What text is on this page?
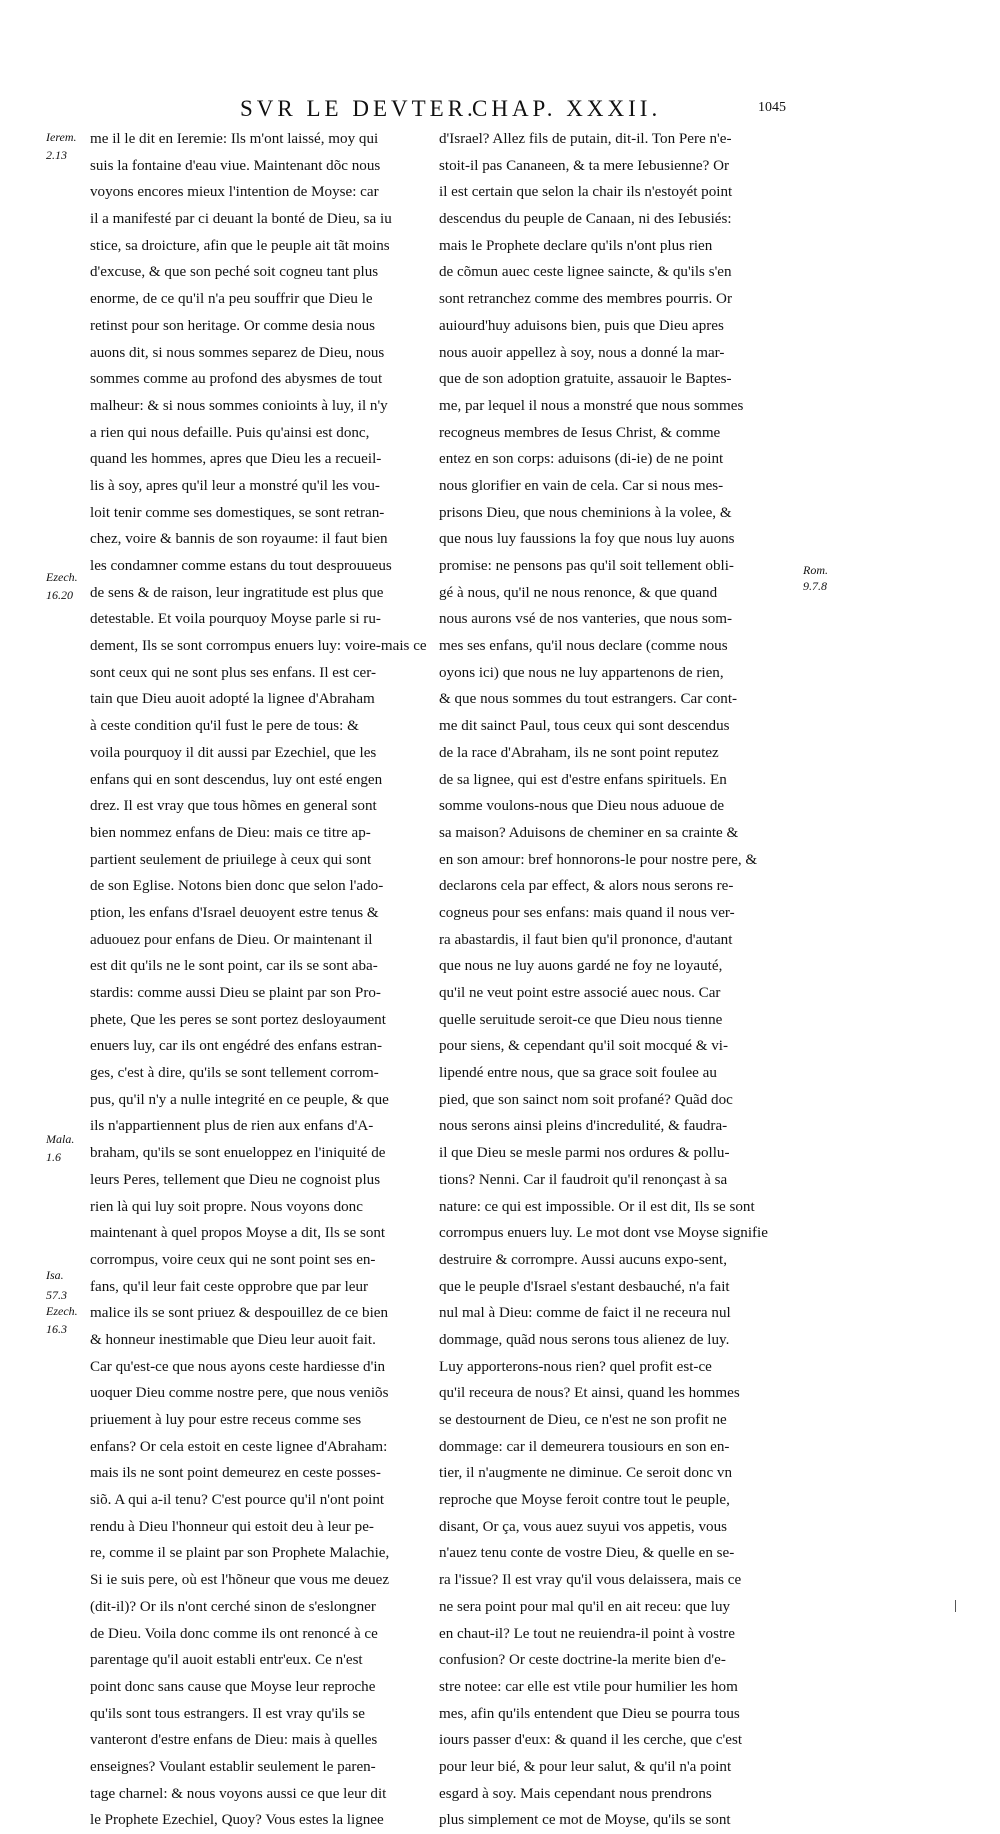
SVR LE DEVTER.
CHAP. XXXII.	1045
Ierem.
2.13
Ezech.
16.20
Mala.
1.6
Isa.
57.3
Ezech.
16.3
Rom.
9.7.8
me il le dit en Ieremie: Ils m'ont laissé, moy qui
suis la fontaine d'eau viue. Maintenant dõc nous
voyons encores mieux l'intention de Moyse: car
il a manifesté par ci deuant la bonté de Dieu, sa iu
stice, sa droicture, afin que le peuple ait tãt moins
d'excuse, & que son peché soit cogneu tant plus
enorme, de ce qu'il n'a peu souffrir que Dieu le
retinst pour son heritage. Or comme desia nous
auons dit, si nous sommes separez de Dieu, nous
sommes comme au profond des abysmes de tout
malheur: & si nous sommes conioints à luy, il n'y
a rien qui nous defaille. Puis qu'ainsi est donc,
quand les hommes, apres que Dieu les a recueil-
lis à soy, apres qu'il leur a monstré qu'il les vou-
loit tenir comme ses domestiques, se sont retran-
chez, voire & bannis de son royaume: il faut bien
les condamner comme estans du tout desprouueus
de sens & de raison, leur ingratitude est plus que
detestable. Et voila pourquoy Moyse parle si ru-
dement, Ils se sont corrompus enuers luy: voire-mais ce
sont ceux qui ne sont plus ses enfans. Il est cer-
tain que Dieu auoit adopté la lignee d'Abraham
à ceste condition qu'il fust le pere de tous: &
voila pourquoy il dit aussi par Ezechiel, que les
enfans qui en sont descendus, luy ont esté engen
drez. Il est vray que tous hõmes en general sont
bien nommez enfans de Dieu: mais ce titre ap-
partient seulement de priuilege à ceux qui sont
de son Eglise. Notons bien donc que selon l'ado-
ption, les enfans d'Israel deuoyent estre tenus &
aduouez pour enfans de Dieu. Or maintenant il
est dit qu'ils ne le sont point, car ils se sont aba-
stardis: comme aussi Dieu se plaint par son Pro-
phete, Que les peres se sont portez desloyaument
enuers luy, car ils ont engédré des enfans estran-
ges, c'est à dire, qu'ils se sont tellement corrom-
pus, qu'il n'y a nulle integrité en ce peuple, & que
ils n'appartiennent plus de rien aux enfans d'A-
braham, qu'ils se sont enueloppez en l'iniquité de
leurs Peres, tellement que Dieu ne cognoist plus
rien là qui luy soit propre. Nous voyons donc
maintenant à quel propos Moyse a dit, Ils se sont
corrompus, voire ceux qui ne sont point ses en-
fans, qu'il leur fait ceste opprobre que par leur
malice ils se sont priuez & despouillez de ce bien
& honneur inestimable que Dieu leur auoit fait.
Car qu'est-ce que nous ayons ceste hardiesse d'in
uoquer Dieu comme nostre pere, que nous veniõs
priuement à luy pour estre receus comme ses
enfans? Or cela estoit en ceste lignee d'Abraham:
mais ils ne sont point demeurez en ceste posses-
siõ. A qui a-il tenu? C'est pource qu'il n'ont point
rendu à Dieu l'honneur qui estoit deu à leur pe-
re, comme il se plaint par son Prophete Malachie,
Si ie suis pere, où est l'hõneur que vous me deuez
(dit-il)? Or ils n'ont cerché sinon de s'eslongner
de Dieu. Voila donc comme ils ont renoncé à ce
parentage qu'il auoit establi entr'eux. Ce n'est
point donc sans cause que Moyse leur reproche
qu'ils sont tous estrangers. Il est vray qu'ils se
vanteront d'estre enfans de Dieu: mais à quelles
enseignes? Voulant establir seulement le paren-
tage charnel: & nous voyons aussi ce que leur dit
le Prophete Ezechiel, Quoy? Vous estes la lignee
d'Israel? Allez fils de putain, dit-il. Ton Pere n'e-
stoit-il pas Cananeen, & ta mere Iebusienne? Or
il est certain que selon la chair ils n'estoyét point
descendus du peuple de Canaan, ni des Iebusiés:
mais le Prophete declare qu'ils n'ont plus rien
de cõmun auec ceste lignee saincte, & qu'ils s'en
sont retranchez comme des membres pourris. Or
auiourd'huy aduisons bien, puis que Dieu apres
nous auoir appellez à soy, nous a donné la mar-
que de son adoption gratuite, assauoir le Baptes-
me, par lequel il nous a monstré que nous sommes
recogneus membres de Iesus Christ, & comme
entez en son corps: aduisons (di-ie) de ne point
nous glorifier en vain de cela. Car si nous mes-
prisons Dieu, que nous cheminions à la volee, &
que nous luy faussions la foy que nous luy auons
promise: ne pensons pas qu'il soit tellement obli-
gé à nous, qu'il ne nous renonce, & que quand
nous aurons vsé de nos vanteries, que nous som-
mes ses enfans, qu'il nous declare (comme nous
oyons ici) que nous ne luy appartenons de rien,
& que nous sommes du tout estrangers. Car cont-
me dit sainct Paul, tous ceux qui sont descendus
de la race d'Abraham, ils ne sont point reputez
de sa lignee, qui est d'estre enfans spirituels. En
somme voulons-nous que Dieu nous aduoue de
sa maison? Aduisons de cheminer en sa crainte &
en son amour: bref honnorons-le pour nostre pere, &
declarons cela par effect, & alors nous serons re-
cogneus pour ses enfans: mais quand il nous ver-
ra abastardis, il faut bien qu'il prononce, d'autant
que nous ne luy auons gardé ne foy ne loyauté,
qu'il ne veut point estre associé auec nous. Car
quelle seruitude seroit-ce que Dieu nous tienne
pour siens, & cependant qu'il soit mocqué & vi-
lipendé entre nous, que sa grace soit foulee au
pied, que son sainct nom soit profané? Quãd doc
nous serons ainsi pleins d'incredulité, & faudra-
il que Dieu se mesle parmi nos ordures & pollu-
tions? Nenni. Car il faudroit qu'il renonçast à sa
nature: ce qui est impossible. Or il est dit, Ils se sont
corrompus enuers luy. Le mot dont vse Moyse signifie
destruire & corrompre. Aussi aucuns expo-sent,
que le peuple d'Israel s'estant desbauché, n'a fait
nul mal à Dieu: comme de faict il ne receura nul
dommage, quãd nous serons tous alienez de luy.
Luy apporterons-nous rien? quel profit est-ce
qu'il receura de nous? Et ainsi, quand les hommes
se destournent de Dieu, ce n'est ne son profit ne
dommage: car il demeurera tousiours en son en-
tier, il n'augmente ne diminue. Ce seroit donc vn
reproche que Moyse feroit contre tout le peuple,
disant, Or ça, vous auez suyui vos appetis, vous
n'auez tenu conte de vostre Dieu, & quelle en se-
ra l'issue? Il est vray qu'il vous delaissera, mais ce
ne sera point pour mal qu'il en ait receu: que luy
en chaut-il? Le tout ne reuiendra-il point à vostre
confusion? Or ceste doctrine-la merite bien d'e-
stre notee: car elle est vtile pour humilier les hom
mes, afin qu'ils entendent que Dieu se pourra tous
iours passer d'eux: & quand il les cerche, que c'est
pour leur bié, & pour leur salut, & qu'il n'a point
esgard à soy. Mais cependant nous prendrons
plus simplement ce mot de Moyse, qu'ils se sont
